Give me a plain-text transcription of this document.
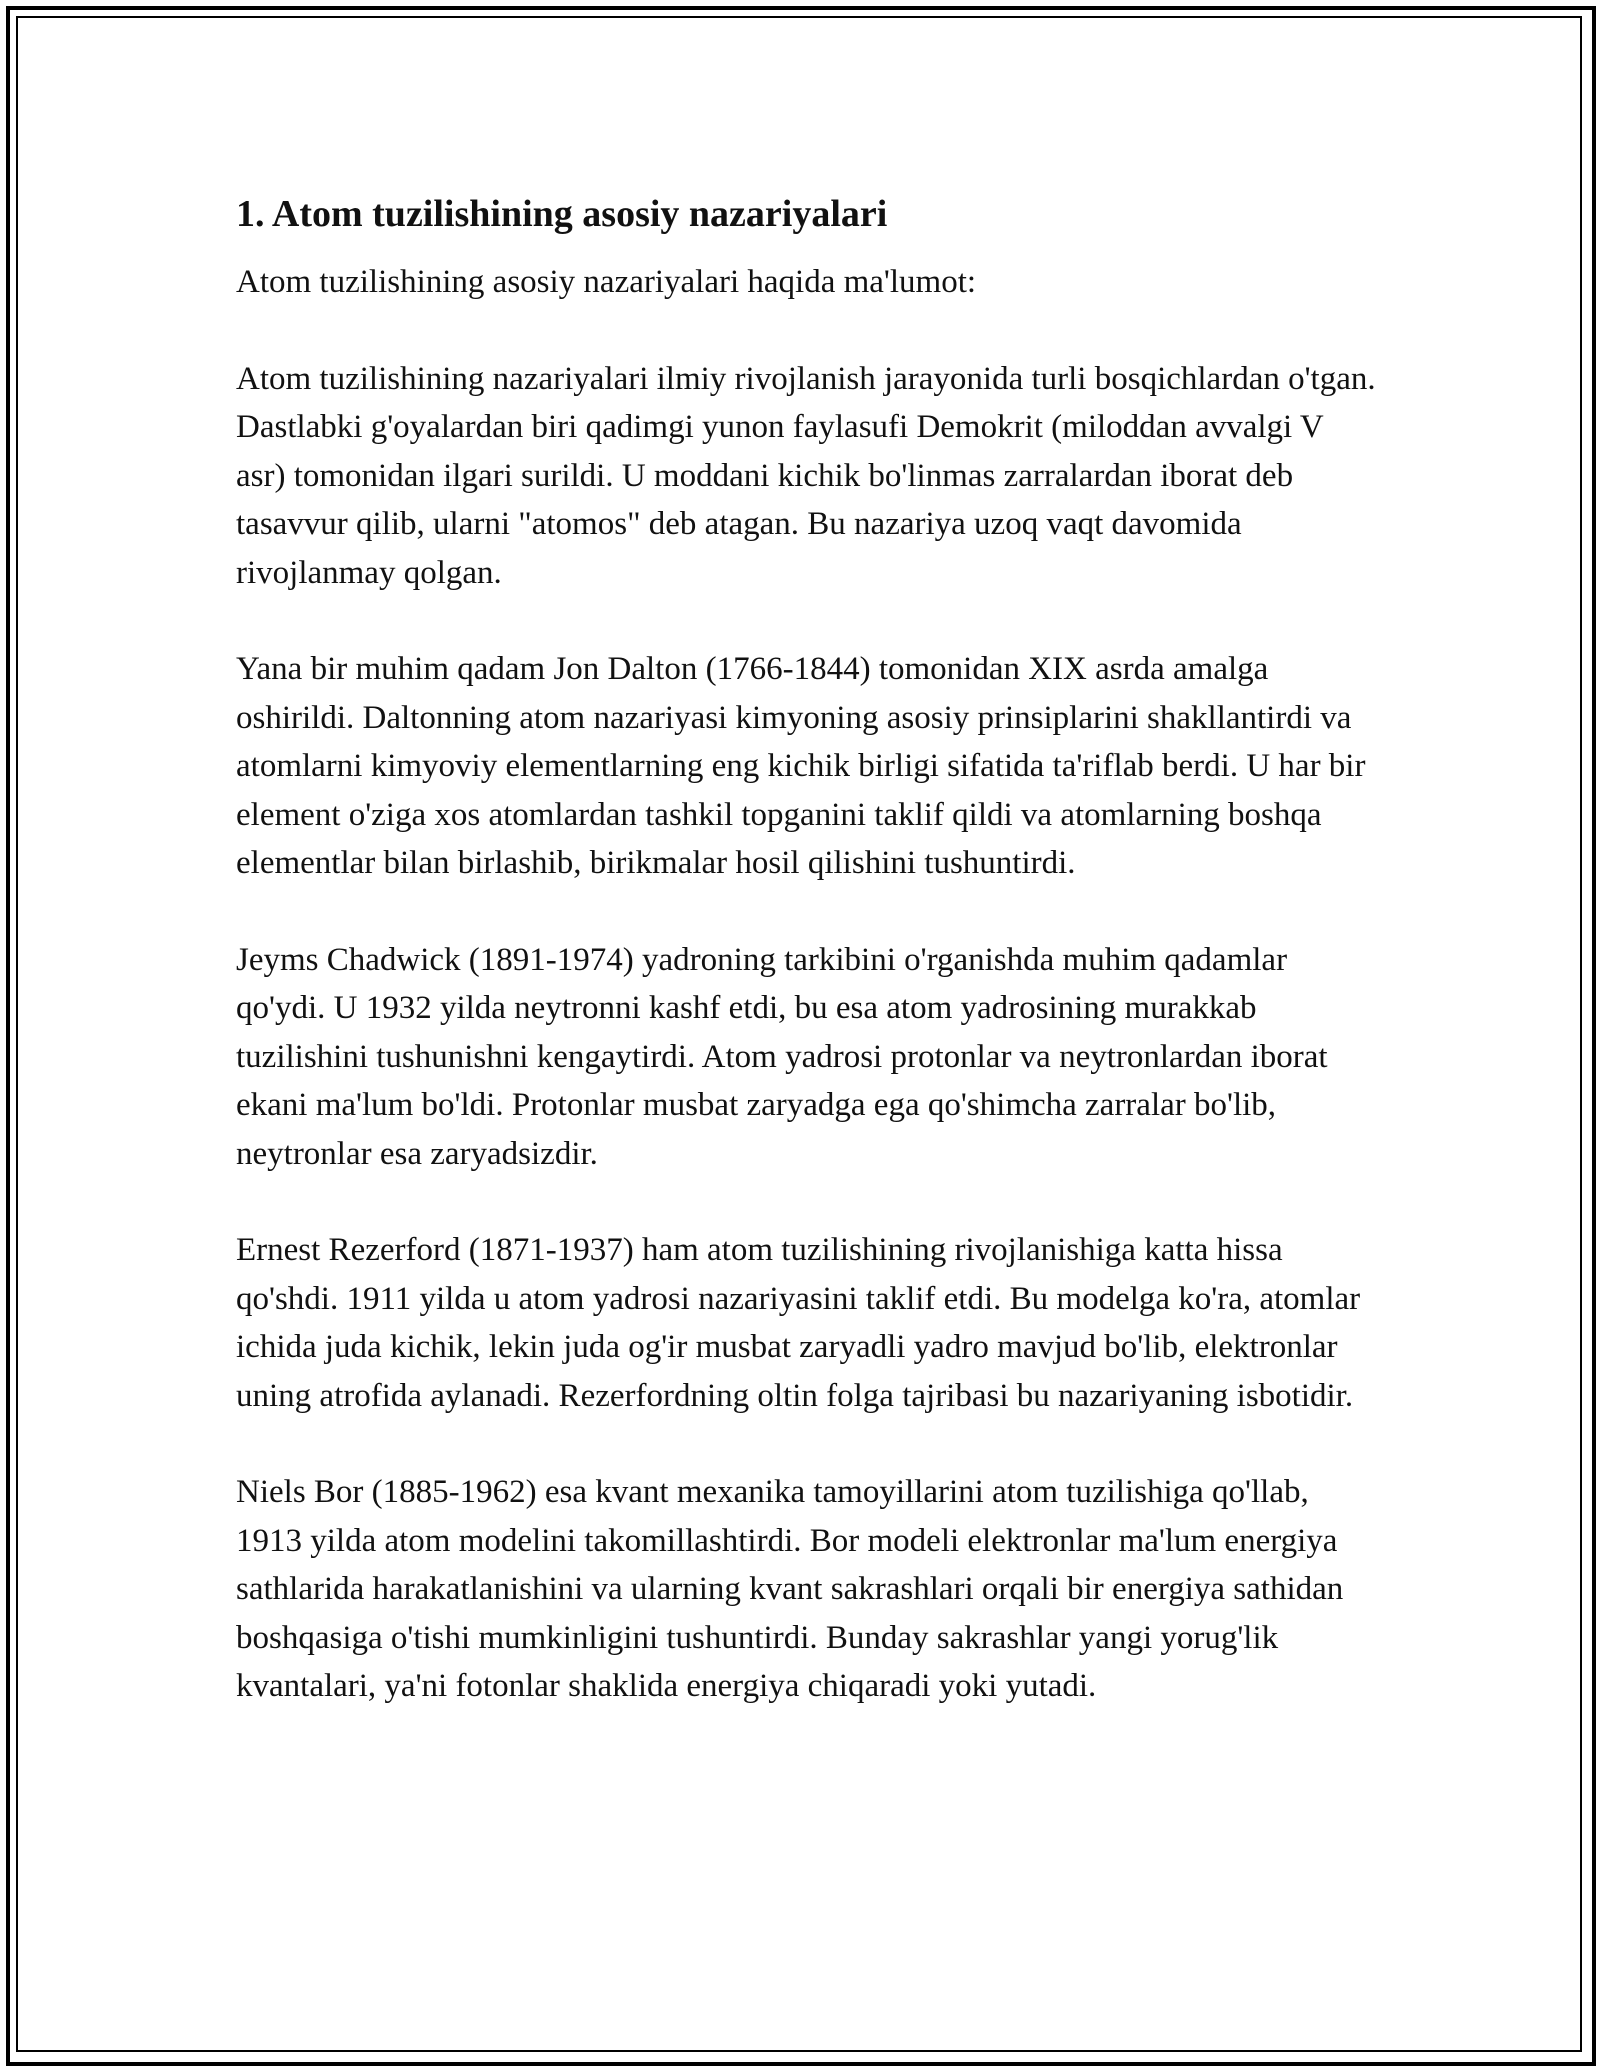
1. Atom tuzilishining asosiy nazariyalari

Atom tuzilishining asosiy nazariyalari haqida ma'lumot:

Atom tuzilishining nazariyalari ilmiy rivojlanish jarayonida turli bosqichlardan o'tgan. Dastlabki g'oyalardan biri qadimgi yunon faylasufi Demokrit (miloddan avvalgi V asr) tomonidan ilgari surildi. U moddani kichik bo'linmas zarralardan iborat deb tasavvur qilib, ularni "atomos" deb atagan. Bu nazariya uzoq vaqt davomida rivojlanmay qolgan.

Yana bir muhim qadam Jon Dalton (1766-1844) tomonidan XIX asrda amalga oshirildi. Daltonning atom nazariyasi kimyoning asosiy prinsiplarini shakllantirdi va atomlarni kimyoviy elementlarning eng kichik birligi sifatida ta'riflab berdi. U har bir element o'ziga xos atomlardan tashkil topganini taklif qildi va atomlarning boshqa elementlar bilan birlashib, birikmalar hosil qilishini tushuntirdi.

Jeyms Chadwick (1891-1974) yadroning tarkibini o'rganishda muhim qadamlar qo'ydi. U 1932 yilda neytronni kashf etdi, bu esa atom yadrosining murakkab tuzilishini tushunishni kengaytirdi. Atom yadrosi protonlar va neytronlardan iborat ekani ma'lum bo'ldi. Protonlar musbat zaryadga ega qo'shimcha zarralar bo'lib, neytronlar esa zaryadsizdir.

Ernest Rezerford (1871-1937) ham atom tuzilishining rivojlanishiga katta hissa qo'shdi. 1911 yilda u atom yadrosi nazariyasini taklif etdi. Bu modelga ko'ra, atomlar ichida juda kichik, lekin juda og'ir musbat zaryadli yadro mavjud bo'lib, elektronlar uning atrofida aylanadi. Rezerfordning oltin folga tajribasi bu nazariyaning isbotidir.

Niels Bor (1885-1962) esa kvant mexanika tamoyillarini atom tuzilishiga qo'llab, 1913 yilda atom modelini takomillashtirdi. Bor modeli elektronlar ma'lum energiya sathlarida harakatlanishini va ularning kvant sakrashlari orqali bir energiya sathidan boshqasiga o'tishi mumkinligini tushuntirdi. Bunday sakrashlar yangi yorug'lik kvantalari, ya'ni fotonlar shaklida energiya chiqaradi yoki yutadi.
